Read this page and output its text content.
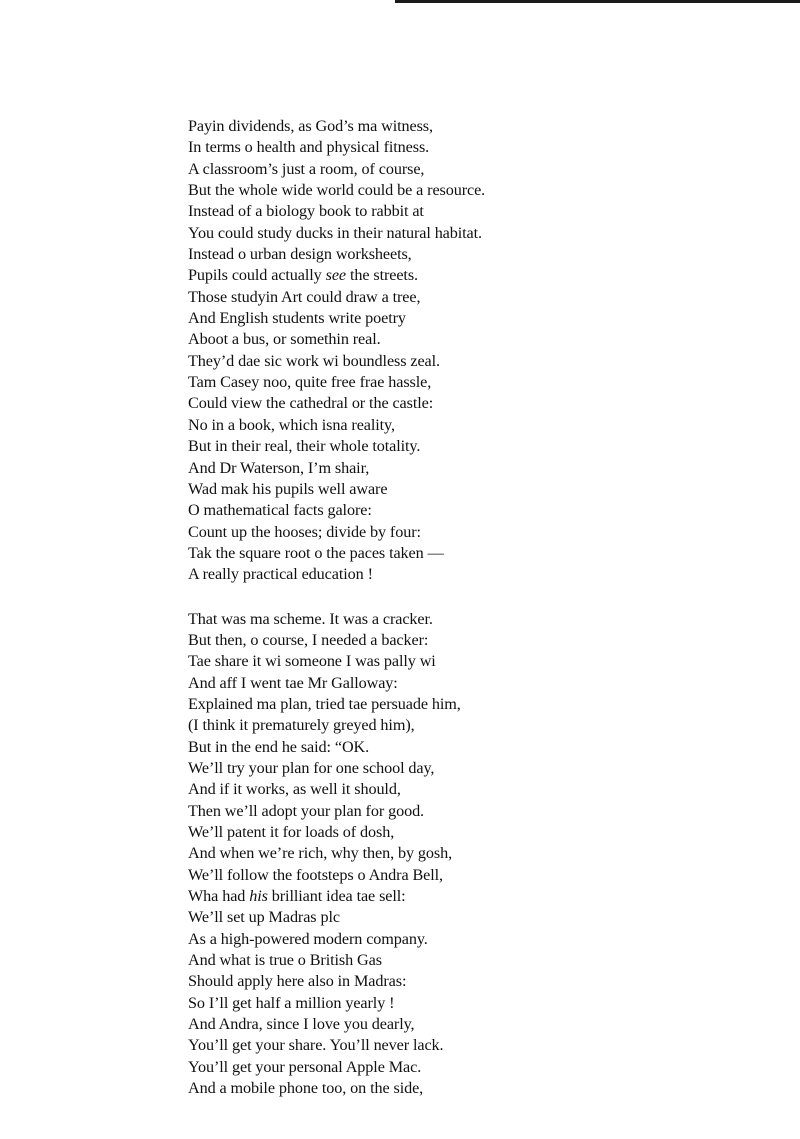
Payin dividends, as God’s ma witness,
In terms o health and physical fitness.
A classroom’s just a room, of course,
But the whole wide world could be a resource.
Instead of a biology book to rabbit at
You could study ducks in their natural habitat.
Instead o urban design worksheets,
Pupils could actually see the streets.
Those studyin Art could draw a tree,
And English students write poetry
Aboot a bus, or somethin real.
They’d dae sic work wi boundless zeal.
Tam Casey noo, quite free frae hassle,
Could view the cathedral or the castle:
No in a book, which isna reality,
But in their real, their whole totality.
And Dr Waterson, I’m shair,
Wad mak his pupils well aware
O mathematical facts galore:
Count up the hooses; divide by four:
Tak the square root o the paces taken —
A really practical education !
That was ma scheme. It was a cracker.
But then, o course, I needed a backer:
Tae share it wi someone I was pally wi
And aff I went tae Mr Galloway:
Explained ma plan, tried tae persuade him,
(I think it prematurely greyed him),
But in the end he said: “OK.
We’ll try your plan for one school day,
And if it works, as well it should,
Then we’ll adopt your plan for good.
We’ll patent it for loads of dosh,
And when we’re rich, why then, by gosh,
We’ll follow the footsteps o Andra Bell,
Wha had his brilliant idea tae sell:
We’ll set up Madras plc
As a high-powered modern company.
And what is true o British Gas
Should apply here also in Madras:
So I’ll get half a million yearly !
And Andra, since I love you dearly,
You’ll get your share. You’ll never lack.
You’ll get your personal Apple Mac.
And a mobile phone too, on the side,
